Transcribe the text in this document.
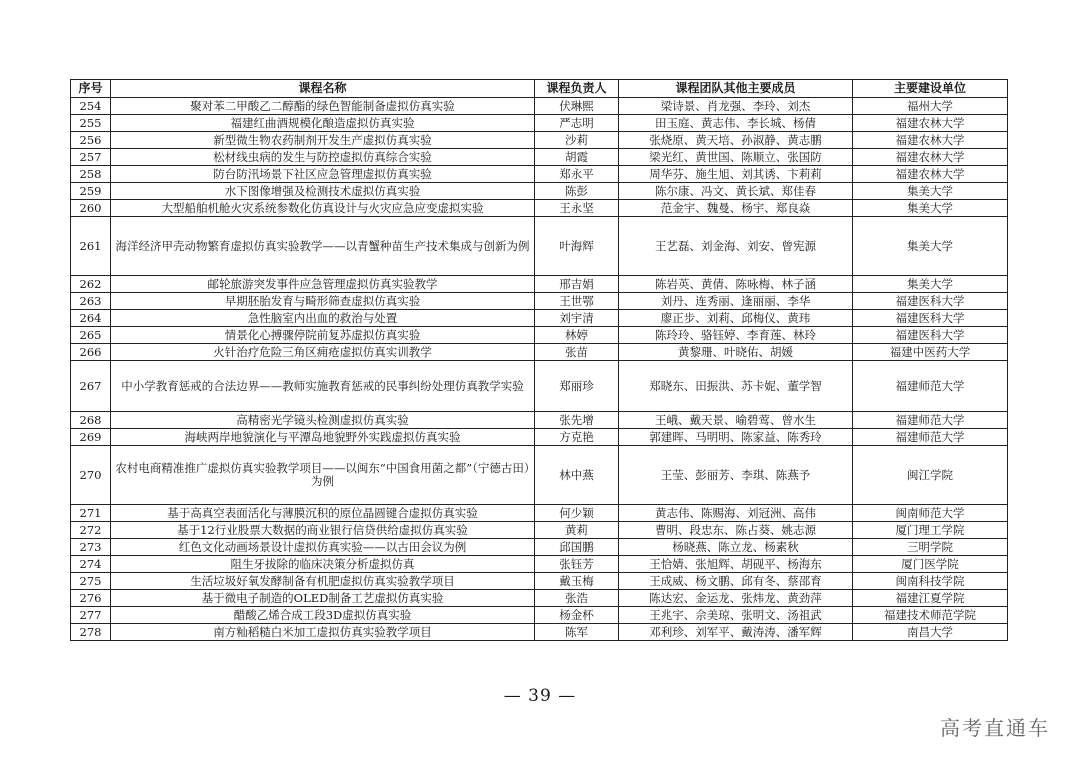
序号	课程名称	课程负责人	课程团队其他主要成员	主要建设单位
254	聚对苯二甲酸乙二醇酯的绿色智能制备虚拟仿真实验	伏琳熙	梁诗景、肖龙强、李玲、刘杰	福州大学
255	福建红曲酒规模化酿造虚拟仿真实验	严志明	田玉庭、黄志伟、李长城、杨倩	福建农林大学
256	新型微生物农药制剂开发生产虚拟仿真实验	沙莉	张烧原、黄天培、孙淑静、黄志鹏	福建农林大学
257	松材线虫病的发生与防控虚拟仿真综合实验	胡霞	梁光红、黄世国、陈顺立、张国防	福建农林大学
258	防台防汛场景下社区应急管理虚拟仿真实验	郑永平	周华芬、施生旭、刘其诱、卞莉莉	福建农林大学
259	水下图像增强及检测技术虚拟仿真实验	陈彭	陈尔康、冯文、黄长斌、郑佳春	集美大学
260	大型船舶机舱火灾系统参数化仿真设计与火灾应急应变虚拟实验	王永坚	范金宇、魏曼、杨宇、郑良焱	集美大学
261	海洋经济甲壳动物繁育虚拟仿真实验教学——以青蟹种苗生产技术集成与创新为例	叶海辉	王艺磊、刘金海、刘安、曾宪源	集美大学
262	邮轮旅游突发事件应急管理虚拟仿真实验教学	邢吉娟	陈岩英、黄倩、陈咏梅、林子涵	集美大学
263	早期胚胎发育与畸形筛查虚拟仿真实验	王世鄂	刘丹、连秀丽、逢丽丽、李华	福建医科大学
264	急性脑室内出血的救治与处置	刘宇清	廖正步、刘莉、邱梅仪、黄玮	福建医科大学
265	情景化心搏骤停院前复苏虚拟仿真实验	林婷	陈玲玲、骆钰婷、李育莲、林玲	福建医科大学
266	火针治疗危险三角区痈疮虚拟仿真实训教学	张苗	黄黎珊、叶晓佑、胡媛	福建中医药大学
267	中小学教育惩戒的合法边界——教师实施教育惩戒的民事纠纷处理仿真教学实验	郑丽珍	郑晓东、田振洪、苏卡妮、董学智	福建师范大学
268	高精密光学镜头检测虚拟仿真实验	张先增	王峨、戴天景、喻碧莺、曾水生	福建师范大学
269	海峡两岸地貌演化与平潭岛地貌野外实践虚拟仿真实验	方克艳	郭建晖、马明明、陈家益、陈秀玲	福建师范大学
270	农村电商精准推广虚拟仿真实验教学项目——以闽东“中国食用菌之都”（宁德古田）为例	林中燕	王莹、彭丽芳、李琪、陈燕予	闽江学院
271	基于高真空表面活化与薄膜沉积的原位晶圆键合虚拟仿真实验	何少颖	黄志伟、陈赐海、刘冠洲、高伟	闽南师范大学
272	基于12行业股票大数据的商业银行信贷供给虚拟仿真实验	黄莉	曹明、段忠东、陈占葵、姚志源	厦门理工学院
273	红色文化动画场景设计虚拟仿真实验——以古田会议为例	邱国鹏	杨晓燕、陈立龙、杨素秋	三明学院
274	阻生牙拔除的临床决策分析虚拟仿真	张钰芳	王恰婧、张旭辉、胡砚平、杨海东	厦门医学院
275	生活垃圾好氧发酵制备有机肥虚拟仿真实验教学项目	戴玉梅	王成威、杨文鹏、邱有冬、蔡邵育	闽南科技学院
276	基于微电子制造的OLED制备工艺虚拟仿真实验	张浩	陈达宏、金运龙、张炜龙、黄劲萍	福建江夏学院
277	醋酸乙烯合成工段3D虚拟仿真实验	杨金杯	王兆宇、佘美琼、张明文、汤祖武	福建技术师范学院
278	南方籼稻糙白米加工虚拟仿真实验教学项目	陈军	邓利珍、刘军平、戴涛涛、潘军辉	南昌大学
— 39 —
高考直通车
